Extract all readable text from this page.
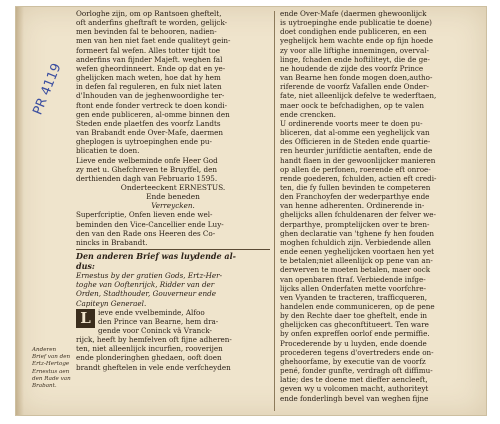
PR 4119
Anderen
Brief van den
Ertz-Hertoge
Ernestus aen
den Rade van
Brabant.

Oorloghe zijn, om op Rantsoen gheftelt,

oft anderfins gheftraft te worden, gelijck-

men bevinden fal te behooren, nadien-

men van hen niet faet ende qualiteyt gein-

formeert fal wefen. Alles totter tijdt toe

anderfins van fijnder Majeft. weghen fal

wefen gheordinneert. Ende op dat en ye-

ghelijcken mach weten, hoe dat hy hem

in defen fal reguleren, en fulx niet laten

d'Inhouden van de jeghenwoordighe ter-

ftont ende fonder vertreck te doen kondi-

gen ende publiceren, al-omme binnen den

Steden ende plaetfen des voorfz Landts

van Brabandt ende Over-Mafe, daermen

gheplogen is uytroepinghen ende pu-

blicatien te doen.

Lieve ende welbeminde onfe Heer God

zy met u. Ghefchreven te Bruyffel, den

derthienden dagh van Februario 1595.

Onderteeckent ERNESTUS.

Ende beneden

Verreycken.

Superfcriptie, Onfen lieven ende wel-

beminden den Vice-Cancellier ende Luy-

den van den Rade ons Heeren des Co-

nincks in Brabandt.

Den anderen Brief was luydende al-

dus:

Ernestus by der gratien Gods, Ertz-Her-

toghe van Ooftenrijck, Ridder van der

Orden, Stadthouder, Gouverneur ende

Capiteyn Generael.

L	ieve ende vvelbeminde, Alfoo

den Prince van Bearne, hem dra-

gende voor Coninck vä Vranck-

rijck, heeft by hemfelven oft fijne adheren-

ten, niet alleenlijck incurfien, rooverijen

ende plonderinghen ghedaen, ooft doen

brandt gheftelen in vele ende verfcheyden

ende Over-Mafe (daermen ghewoonlijck

is uytroepinghe ende publicatie te doene)

doet condighen ende publiceren, en een

yeghelijck hem wachte ende op fijn hoede

zy voor alle liftighe innemingen, overval-

linge, fchaden ende hoftiliteyt, die de ge-

ne houdende de zijde des voorfz Prince

van Bearne hen fonde mogen doen,autho-

riferende de voorfz Vafallen ende Onder-

fate, niet alleenlijck defelve te wederftaen,

maer oock te befchadighen, op te valen

ende crencken.

U ordinerende voorts meer te doen pu-

bliceren, dat al-omme een yeghelijck van

des Officieren in de Steden ende quartie-

ren heurder jurifdictie aentaften, ende de

handt flaen in der gewoonlijcker manieren

op allen de perfonen, roerende eft onroe-

rende goederen, fchulden, actien eft credi-

ten, die fy fullen bevinden te competeren

den Franchoyfen der wederparthye ende

van henne adherenten. Ordinerende in-

ghelijcks allen fchuldenaren der felver we-

derparthye, promptelijcken over te bren-

ghen declaratie van 'tghene fy hen fouden

moghen fchuldich zijn. Verbiedende allen

ende eenen yeghelijcken voortaen hen yet

te betalen;niet alleenlijck op pene van an-

derwerven te moeten betalen, maer oock

van openbaren ftraf. Verbiedende infge-

lijcks allen Onderfaten mette voorfchre-

ven Vyanden te tracteren, trafficqueren,

handelen ende communiceren, op de pene

by den Rechte daer toe gheftelt, ende in

ghelijcken cas gheconftitueert. Ten ware

by onfen expreffen oorlof ende permiffie.

Procederende by u luyden, ende doende

procederen tegens d'overtreders ende on-

ghehoorfame, by executie van de voorfz

pené, fonder gunfte, verdragh oft diffimu-

latie; des te doene met dieffer aencleeft,

geven wy u volcomen macht, authoriteyt

ende fonderlingh bevel van weghen fijne
